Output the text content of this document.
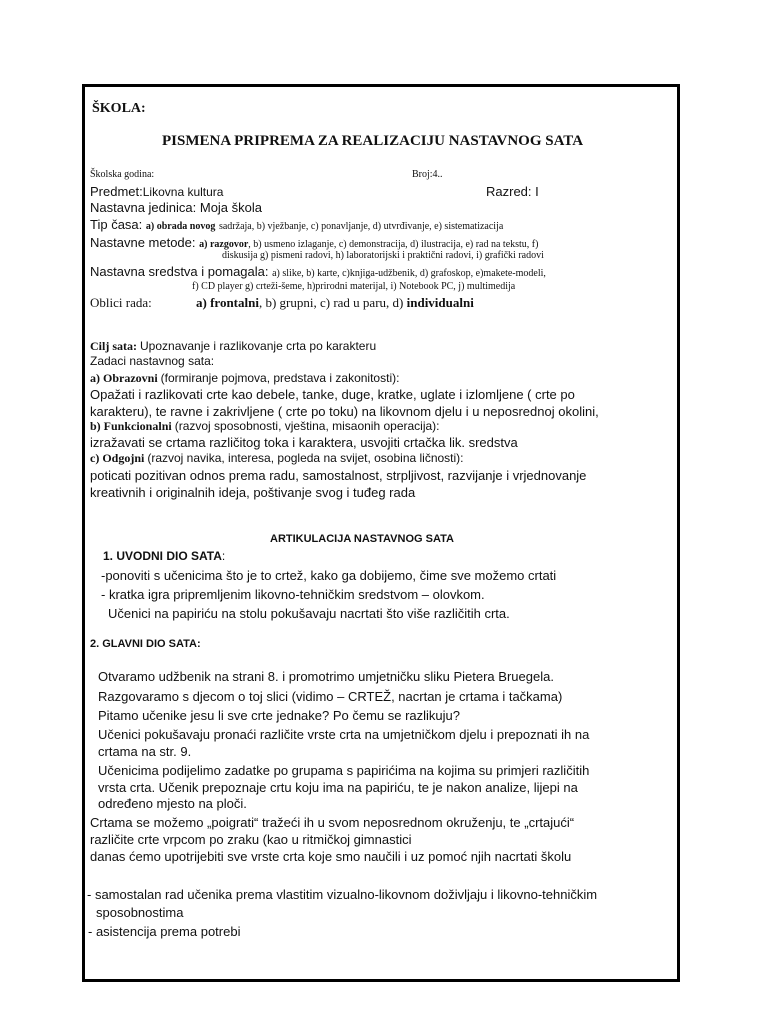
ŠKOLA:
PISMENA PRIPREMA ZA REALIZACIJU NASTAVNOG SATA
Školska godina:	Broj:4..
Predmet:Likovna kultura	Razred: I
Nastavna jedinica: Moja škola
Tip časa: a) obrada novog sadržaja, b) vježbanje, c) ponavljanje, d) utvrđivanje, e) sistematizacija
Nastavne metode: a) razgovor, b) usmeno izlaganje, c) demonstracija, d) ilustracija, e) rad na tekstu, f)
diskusija g) pismeni radovi, h) laboratorijski i praktični radovi, i) grafički radovi
Nastavna sredstva i pomagala: a) slike, b) karte, c)knjiga-udžbenik, d) grafoskop, e)makete-modeli,
f) CD player g) crteži-šeme, h)prirodni materijal, i) Notebook PC, j) multimedija
Oblici rada:	a) frontalni, b) grupni, c) rad u paru, d) individualni
Cilj sata: Upoznavanje i razlikovanje crta po karakteru
Zadaci nastavnog sata:
a) Obrazovni (formiranje pojmova, predstava i zakonitosti):
Opažati i razlikovati crte kao debele, tanke, duge, kratke, uglate i izlomljene ( crte po
karakteru), te ravne i zakrivljene ( crte po toku) na likovnom djelu i u neposrednoj okolini,
b) Funkcionalni (razvoj sposobnosti, vještina, misaonih operacija):
izražavati se crtama različitog toka i karaktera, usvojiti crtačka lik. sredstva
c) Odgojni (razvoj navika, interesa, pogleda na svijet, osobina ličnosti):
poticati pozitivan odnos prema radu, samostalnost, strpljivost, razvijanje i vrjednovanje
kreativnih i originalnih ideja, poštivanje svog i tuđeg rada
ARTIKULACIJA NASTAVNOG SATA
1. UVODNI DIO SATA:
-ponoviti s učenicima što je to crtež, kako ga dobijemo, čime sve možemo crtati
- kratka igra pripremljenim likovno-tehničkim sredstvom – olovkom.
Učenici na papiriću na stolu pokušavaju nacrtati što više različitih crta.
2. GLAVNI DIO SATA:
Otvaramo udžbenik na strani 8. i promotrimo umjetničku sliku Pietera Bruegela.
Razgovaramo s djecom o toj slici (vidimo – CRTEŽ, nacrtan je crtama i tačkama)
Pitamo učenike jesu li sve crte jednake? Po čemu se razlikuju?
Učenici pokušavaju pronaći različite vrste crta na umjetničkom djelu i prepoznati ih na
crtama na str. 9.
Učenicima podijelimo zadatke po grupama s papirićima na kojima su primjeri različitih
vrsta crta. Učenik prepoznaje crtu koju ima na papiriću, te je nakon analize, lijepi na
određeno mjesto na ploči.
Crtama se možemo „poigrati“ tražeći ih u svom neposrednom okruženju, te „crtajući“
različite crte vrpcom po zraku (kao u ritmičkoj gimnastici
danas ćemo upotrijebiti sve vrste crta koje smo naučili i uz pomoć njih nacrtati školu
- samostalan rad učenika prema vlastitim vizualno-likovnom doživljaju i likovno-tehničkim
sposobnostima
- asistencija prema potrebi
